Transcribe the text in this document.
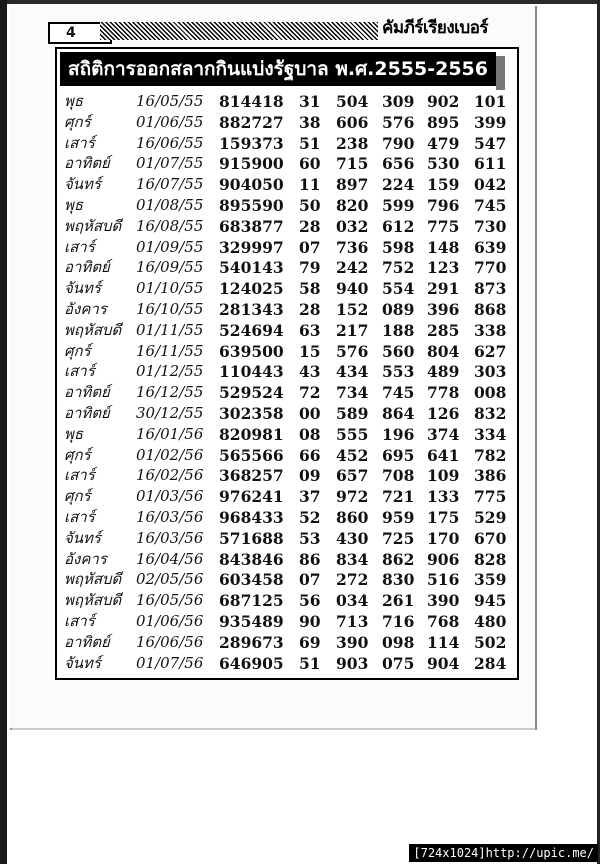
4	คัมภีร์เรียงเบอร์
สถิติการออกสลากกินแบ่งรัฐบาล พ.ศ.2555-2556
พุธ	16/05/55	814418 31 504 309 902 101
ศุกร์	01/06/55	882727 38 606 576 895 399
เสาร์	16/06/55	159373 51 238 790 479 547
อาทิตย์	01/07/55	915900 60 715 656 530 611
จันทร์	16/07/55	904050 11 897 224 159 042
พุธ	01/08/55	895590 50 820 599 796 745
พฤหัสบดี 16/08/55	683877 28 032 612 775 730
เสาร์	01/09/55	329997 07 736 598 148 639
อาทิตย์	16/09/55	540143 79 242 752 123 770
จันทร์	01/10/55	124025 58 940 554 291 873
อังคาร	16/10/55	281343 28 152 089 396 868
พฤหัสบดี 01/11/55	524694 63 217 188 285 338
ศุกร์	16/11/55	639500 15 576 560 804 627
เสาร์	01/12/55	110443 43 434 553 489 303
อาทิตย์	16/12/55	529524 72 734 745 778 008
อาทิตย์	30/12/55	302358 00 589 864 126 832
พุธ	16/01/56	820981 08 555 196 374 334
ศุกร์	01/02/56	565566 66 452 695 641 782
เสาร์	16/02/56	368257 09 657 708 109 386
ศุกร์	01/03/56	976241 37 972 721 133 775
เสาร์	16/03/56	968433 52 860 959 175 529
จันทร์	16/03/56	571688 53 430 725 170 670
อังคาร	16/04/56	843846 86 834 862 906 828
พฤหัสบดี 02/05/56	603458 07 272 830 516 359
พฤหัสบดี 16/05/56	687125 56 034 261 390 945
เสาร์	01/06/56	935489 90 713 716 768 480
อาทิตย์	16/06/56	289673 69 390 098 114 502
จันทร์	01/07/56	646905 51 903 075 904 284
[724x1024]http://upic.me/
